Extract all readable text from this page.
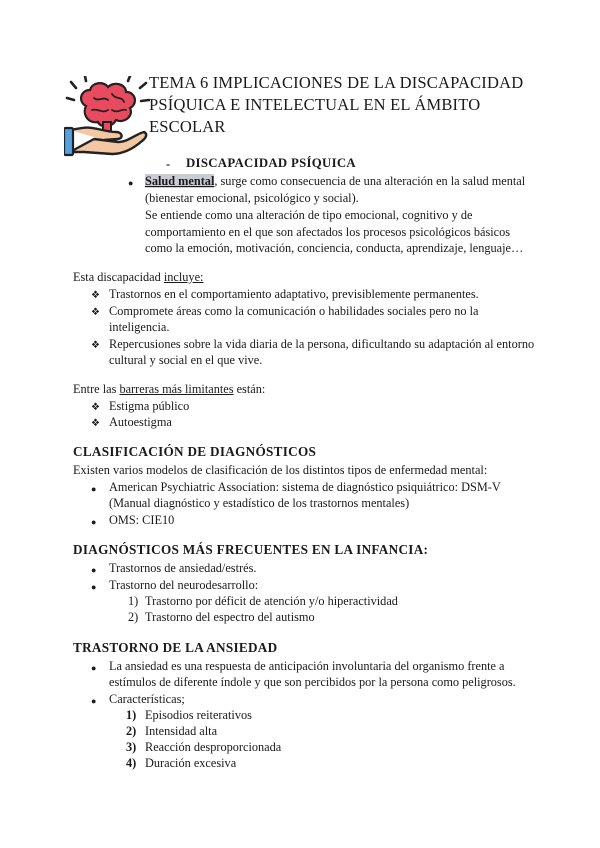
TEMA 6 IMPLICACIONES DE LA DISCAPACIDAD
PSÍQUICA E INTELECTUAL EN EL ÁMBITO
ESCOLAR
- DISCAPACIDAD PSÍQUICA
● Salud mental, surge como consecuencia de una alteración en la salud mental
(bienestar emocional, psicológico y social).
Se entiende como una alteración de tipo emocional, cognitivo y de
comportamiento en el que son afectados los procesos psicológicos básicos
como la emoción, motivación, conciencia, conducta, aprendizaje, lenguaje…
Esta discapacidad incluye:
❖ Trastornos en el comportamiento adaptativo, previsiblemente permanentes.
❖ Compromete áreas como la comunicación o habilidades sociales pero no la
inteligencia.
❖ Repercusiones sobre la vida diaria de la persona, dificultando su adaptación al entorno
cultural y social en el que vive.
Entre las barreras más limitantes están:
❖ Estigma público
❖ Autoestigma
CLASIFICACIÓN DE DIAGNÓSTICOS
Existen varios modelos de clasificación de los distintos tipos de enfermedad mental:
● American Psychiatric Association: sistema de diagnóstico psiquiátrico: DSM-V
(Manual diagnóstico y estadístico de los trastornos mentales)
● OMS: CIE10
DIAGNÓSTICOS MÁS FRECUENTES EN LA INFANCIA:
● Trastornos de ansiedad/estrés.
● Trastorno del neurodesarrollo:
1) Trastorno por déficit de atención y/o hiperactividad
2) Trastorno del espectro del autismo
TRASTORNO DE LA ANSIEDAD
● La ansiedad es una respuesta de anticipación involuntaria del organismo frente a
estímulos de diferente índole y que son percibidos por la persona como peligrosos.
● Características;
1) Episodios reiterativos
2) Intensidad alta
3) Reacción desproporcionada
4) Duración excesiva
